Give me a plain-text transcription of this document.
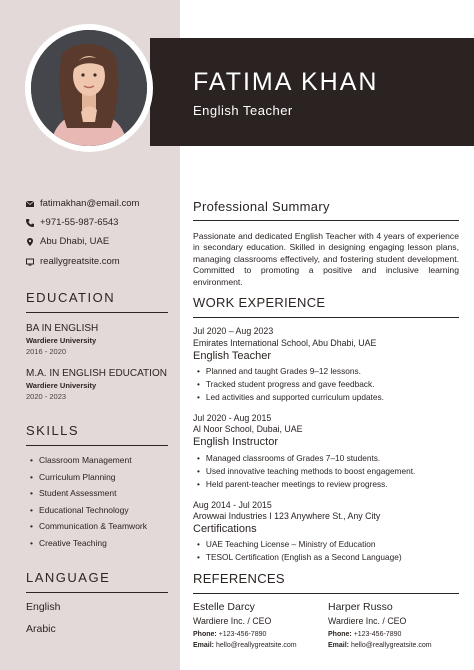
FATIMA KHAN
English Teacher
fatimakhan@email.com
+971-55-987-6543
Abu Dhabi, UAE
reallygreatsite.com
EDUCATION
BA IN ENGLISH
Wardiere University
2016 - 2020
M.A. IN ENGLISH EDUCATION
Wardiere University
2020 - 2023
SKILLS
• Classroom Management
• Curriculum Planning
• Student Assessment
• Educational Technology
• Communication & Teamwork
• Creative Teaching
LANGUAGE
English
Arabic
Professional Summary

Passionate and dedicated English Teacher with 4 years of experience in secondary education. Skilled in designing engaging lesson plans, managing classrooms effectively, and fostering student development. Committed to promoting a positive and inclusive learning environment.

WORK EXPERIENCE
Jul 2020 – Aug 2023
Emirates International School, Abu Dhabi, UAE
English Teacher
• Planned and taught Grades 9–12 lessons.
• Tracked student progress and gave feedback.
• Led activities and supported curriculum updates.
Jul 2020 - Aug 2015
Al Noor School, Dubai, UAE
English Instructor
• Managed classrooms of Grades 7–10 students.
• Used innovative teaching methods to boost engagement.
• Held parent-teacher meetings to review progress.
Aug 2014 - Jul 2015
Arowwai Industries I 123 Anywhere St., Any City
Certifications
• UAE Teaching License – Ministry of Education
• TESOL Certification (English as a Second Language)
REFERENCES
Estelle Darcy
Wardiere Inc. / CEO
Phone: +123-456-7890
Email: hello@reallygreatsite.com
Harper Russo
Wardiere Inc. / CEO
Phone: +123-456-7890
Email: hello@reallygreatsite.com
